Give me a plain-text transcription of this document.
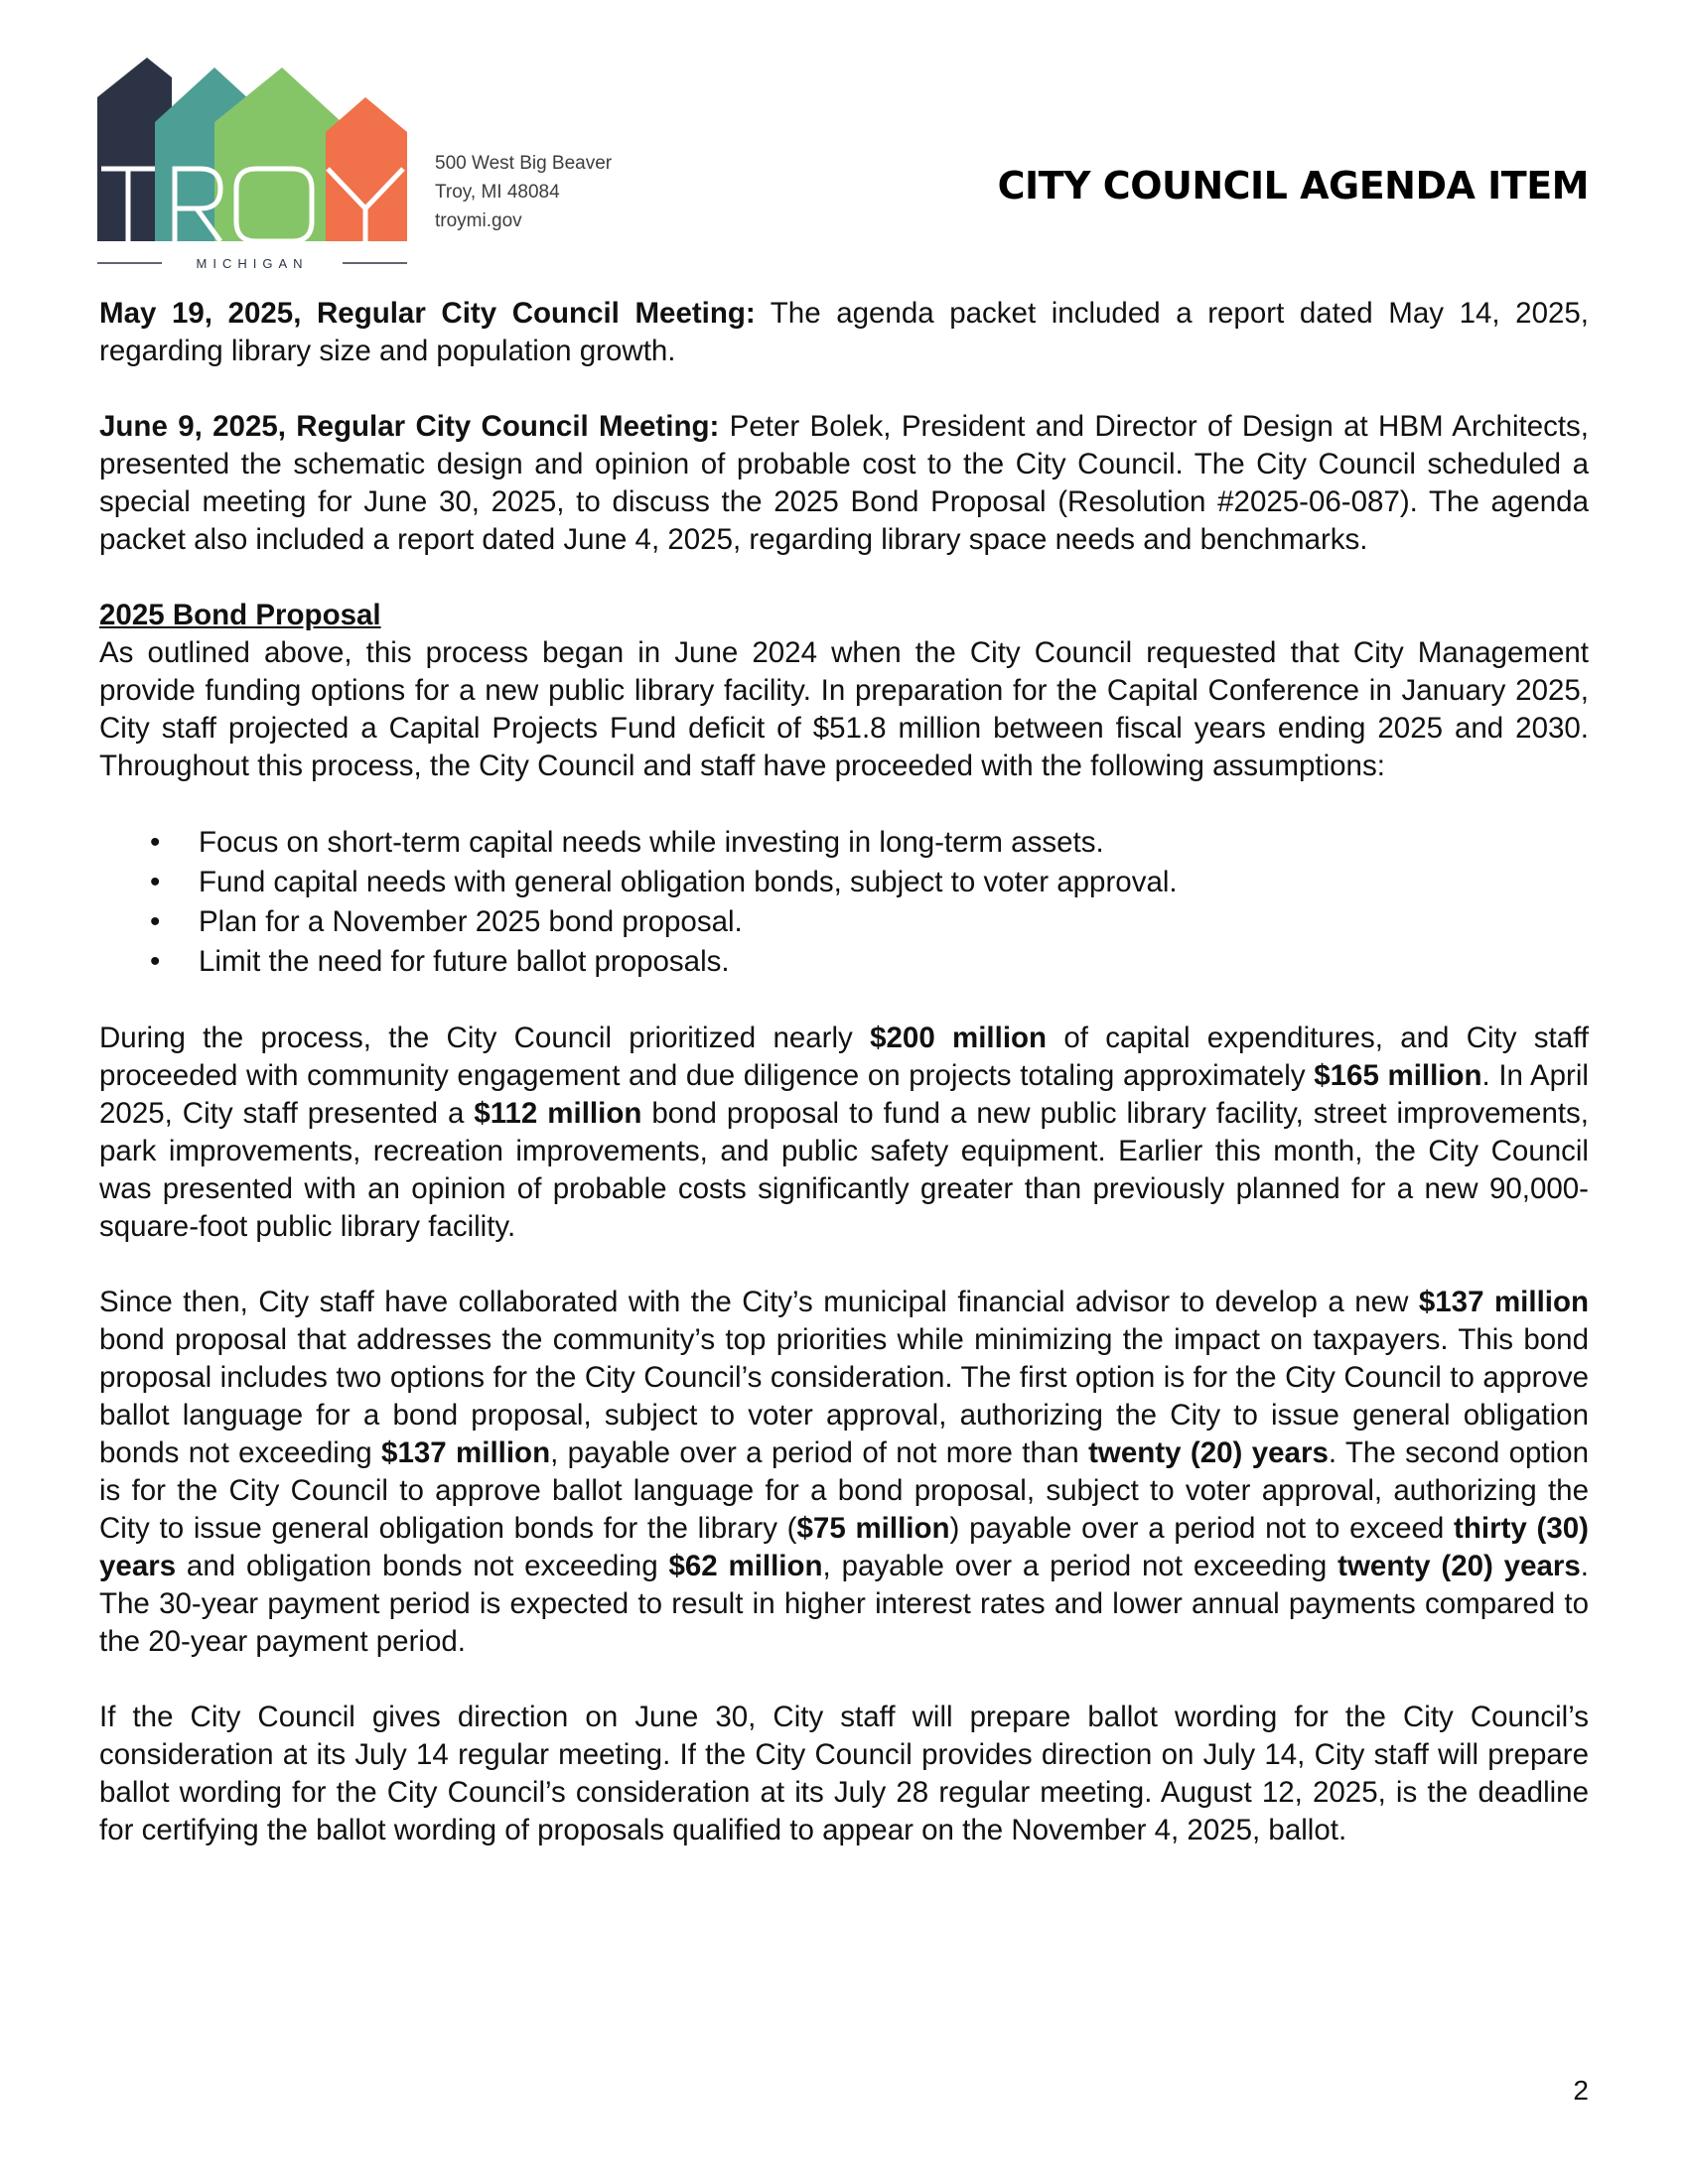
MICHIGAN
500 West Big Beaver
Troy, MI 48084
troymi.gov
CITY COUNCIL AGENDA ITEM

May 19, 2025, Regular City Council Meeting: The agenda packet included a report dated May 14, 2025, regarding library size and population growth.

June 9, 2025, Regular City Council Meeting: Peter Bolek, President and Director of Design at HBM Architects, presented the schematic design and opinion of probable cost to the City Council. The City Council scheduled a special meeting for June 30, 2025, to discuss the 2025 Bond Proposal (Resolution #2025-06-087). The agenda packet also included a report dated June 4, 2025, regarding library space needs and benchmarks.

2025 Bond Proposal
As outlined above, this process began in June 2024 when the City Council requested that City Management provide funding options for a new public library facility. In preparation for the Capital Conference in January 2025, City staff projected a Capital Projects Fund deficit of $51.8 million between fiscal years ending 2025 and 2030. Throughout this process, the City Council and staff have proceeded with the following assumptions:

• Focus on short-term capital needs while investing in long-term assets.
• Fund capital needs with general obligation bonds, subject to voter approval.
• Plan for a November 2025 bond proposal.
• Limit the need for future ballot proposals.

During the process, the City Council prioritized nearly $200 million of capital expenditures, and City staff proceeded with community engagement and due diligence on projects totaling approximately $165 million. In April 2025, City staff presented a $112 million bond proposal to fund a new public library facility, street improvements, park improvements, recreation improvements, and public safety equipment. Earlier this month, the City Council was presented with an opinion of probable costs significantly greater than previously planned for a new 90,000-square-foot public library facility.

Since then, City staff have collaborated with the City’s municipal financial advisor to develop a new $137 million bond proposal that addresses the community’s top priorities while minimizing the impact on taxpayers. This bond proposal includes two options for the City Council’s consideration. The first option is for the City Council to approve ballot language for a bond proposal, subject to voter approval, authorizing the City to issue general obligation bonds not exceeding $137 million, payable over a period of not more than twenty (20) years. The second option is for the City Council to approve ballot language for a bond proposal, subject to voter approval, authorizing the City to issue general obligation bonds for the library ($75 million) payable over a period not to exceed thirty (30) years and obligation bonds not exceeding $62 million, payable over a period not exceeding twenty (20) years. The 30-year payment period is expected to result in higher interest rates and lower annual payments compared to the 20-year payment period.

If the City Council gives direction on June 30, City staff will prepare ballot wording for the City Council’s consideration at its July 14 regular meeting. If the City Council provides direction on July 14, City staff will prepare ballot wording for the City Council’s consideration at its July 28 regular meeting. August 12, 2025, is the deadline for certifying the ballot wording of proposals qualified to appear on the November 4, 2025, ballot.

2
